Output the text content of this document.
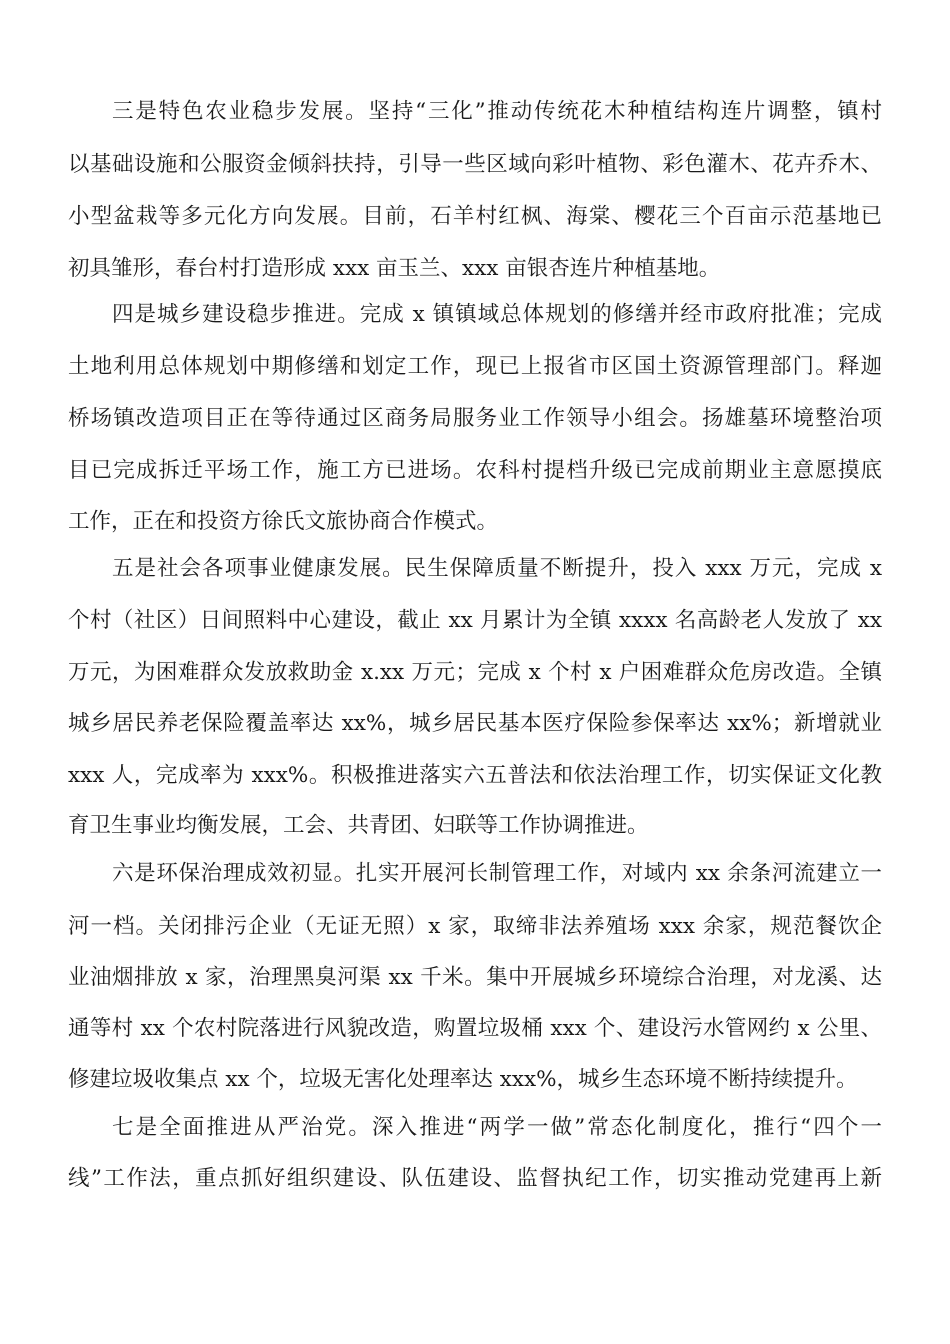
三是特色农业稳步发展。坚持“三化”推动传统花木种植结构连片调整，镇村
以基础设施和公服资金倾斜扶持，引导一些区域向彩叶植物、彩色灌木、花卉乔木、
小型盆栽等多元化方向发展。目前，石羊村红枫、海棠、樱花三个百亩示范基地已
初具雏形，春台村打造形成 xxx 亩玉兰、xxx 亩银杏连片种植基地。
四是城乡建设稳步推进。完成 x 镇镇域总体规划的修缮并经市政府批准；完成
土地利用总体规划中期修缮和划定工作，现已上报省市区国土资源管理部门。释迦
桥场镇改造项目正在等待通过区商务局服务业工作领导小组会。扬雄墓环境整治项
目已完成拆迁平场工作，施工方已进场。农科村提档升级已完成前期业主意愿摸底
工作，正在和投资方徐氏文旅协商合作模式。
五是社会各项事业健康发展。民生保障质量不断提升，投入 xxx 万元，完成 x
个村（社区）日间照料中心建设，截止 xx 月累计为全镇 xxxx 名高龄老人发放了 xx
万元，为困难群众发放救助金 x.xx 万元；完成 x 个村 x 户困难群众危房改造。全镇
城乡居民养老保险覆盖率达 xx%，城乡居民基本医疗保险参保率达 xx%；新增就业
xxx 人，完成率为 xxx%。积极推进落实六五普法和依法治理工作，切实保证文化教
育卫生事业均衡发展，工会、共青团、妇联等工作协调推进。
六是环保治理成效初显。扎实开展河长制管理工作，对域内 xx 余条河流建立一
河一档。关闭排污企业（无证无照）x 家，取缔非法养殖场 xxx 余家，规范餐饮企
业油烟排放 x 家，治理黑臭河渠 xx 千米。集中开展城乡环境综合治理，对龙溪、达
通等村 xx 个农村院落进行风貌改造，购置垃圾桶 xxx 个、建设污水管网约 x 公里、
修建垃圾收集点 xx 个，垃圾无害化处理率达 xxx%，城乡生态环境不断持续提升。
七是全面推进从严治党。深入推进“两学一做”常态化制度化，推行“四个一
线”工作法，重点抓好组织建设、队伍建设、监督执纪工作，切实推动党建再上新
